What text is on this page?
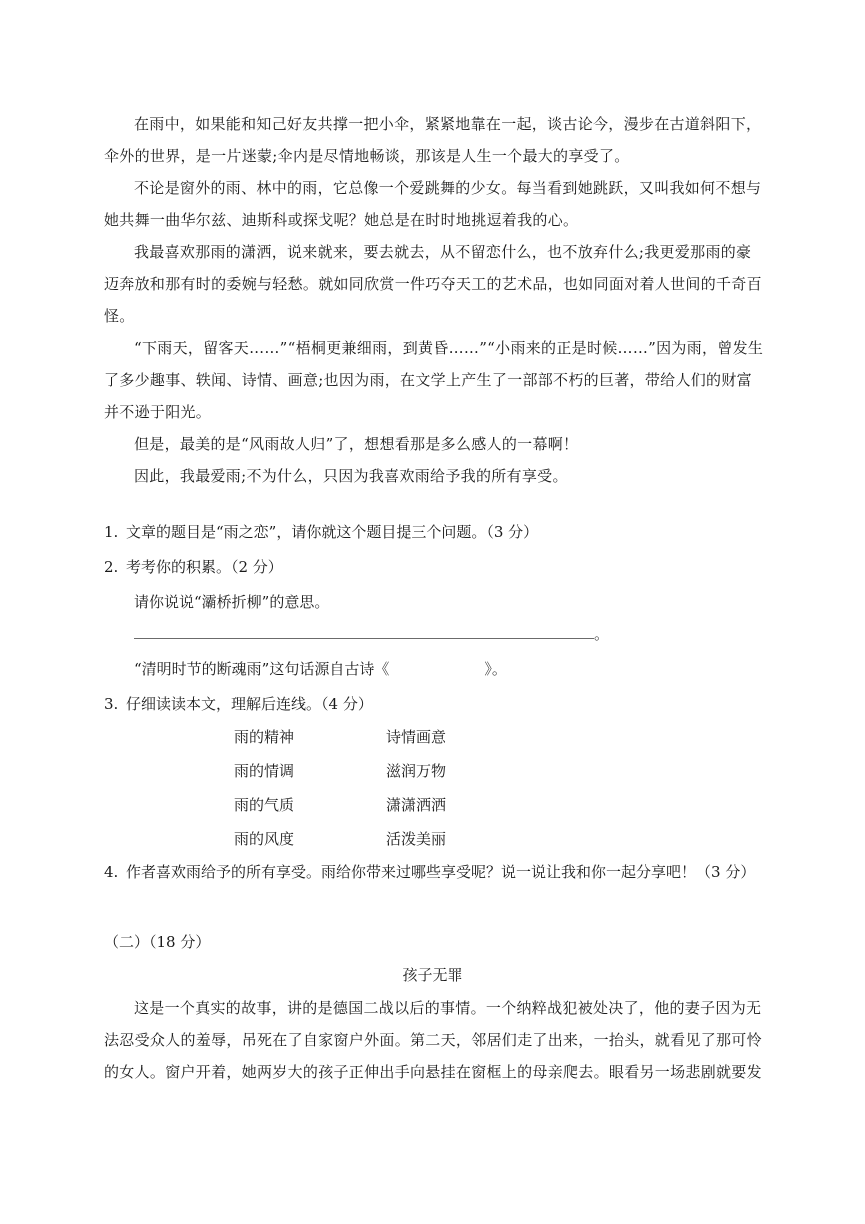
在雨中，如果能和知己好友共撑一把小伞，紧紧地靠在一起，谈古论今，漫步在古道斜阳下，伞外的世界，是一片迷蒙;伞内是尽情地畅谈，那该是人生一个最大的享受了。

不论是窗外的雨、林中的雨，它总像一个爱跳舞的少女。每当看到她跳跃，又叫我如何不想与她共舞一曲华尔兹、迪斯科或探戈呢？她总是在时时地挑逗着我的心。

我最喜欢那雨的潇洒，说来就来，要去就去，从不留恋什么，也不放弃什么;我更爱那雨的豪迈奔放和那有时的委婉与轻愁。就如同欣赏一件巧夺天工的艺术品，也如同面对着人世间的千奇百怪。

“下雨天，留客天……”“梧桐更兼细雨，到黄昏……”“小雨来的正是时候……”因为雨，曾发生了多少趣事、轶闻、诗情、画意;也因为雨，在文学上产生了一部部不朽的巨著，带给人们的财富并不逊于阳光。

但是，最美的是“风雨故人归”了，想想看那是多么感人的一幕啊！

因此，我最爱雨;不为什么，只因为我喜欢雨给予我的所有享受。

1. 文章的题目是“雨之恋”，请你就这个题目提三个问题。（3 分）

2. 考考你的积累。（2 分）

请你说说“灞桥折柳”的意思。

。

“清明时节的断魂雨”这句话源自古诗《	》。

3. 仔细读读本文，理解后连线。（4 分）

雨的精神	诗情画意
雨的情调	滋润万物
雨的气质	潇潇洒洒
雨的风度	活泼美丽

4. 作者喜欢雨给予的所有享受。雨给你带来过哪些享受呢？说一说让我和你一起分享吧！（3 分）

（二）（18 分）

孩子无罪

这是一个真实的故事，讲的是德国二战以后的事情。一个纳粹战犯被处决了，他的妻子因为无法忍受众人的羞辱，吊死在了自家窗户外面。第二天，邻居们走了出来，一抬头，就看见了那可怜的女人。窗户开着，她两岁大的孩子正伸出手向悬挂在窗框上的母亲爬去。眼看另一场悲剧就要发
